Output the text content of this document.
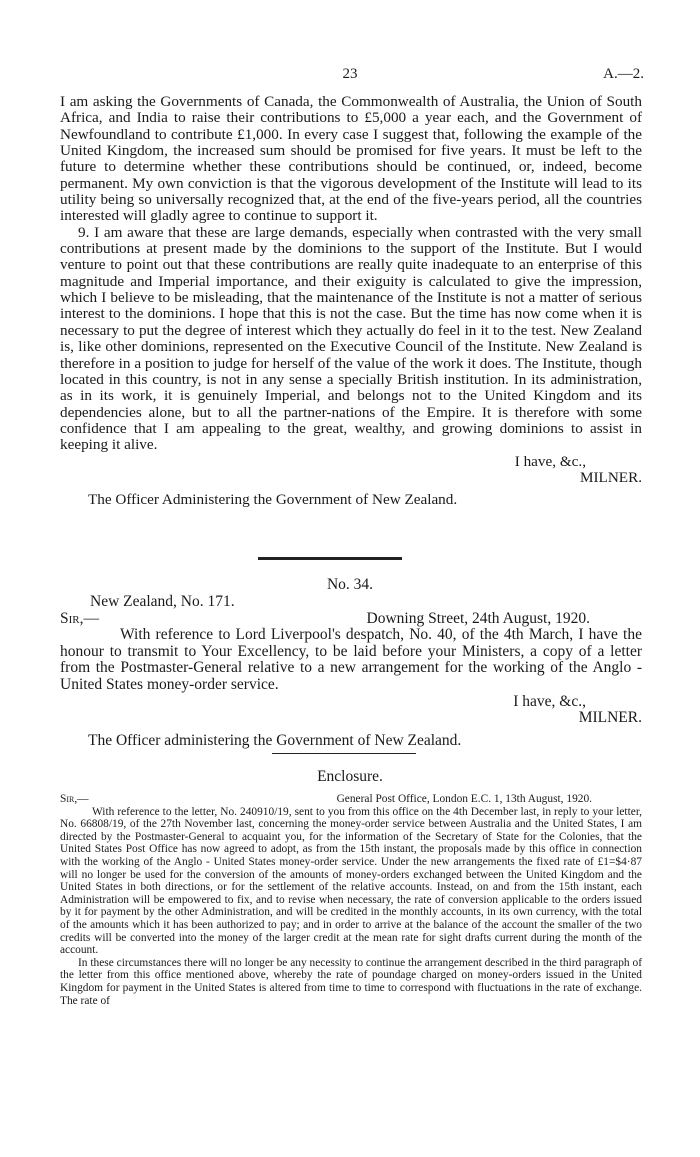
23	A.—2.

I am asking the Governments of Canada, the Commonwealth of Australia, the Union of South Africa, and India to raise their contributions to £5,000 a year each, and the Government of Newfoundland to contribute £1,000. In every case I suggest that, following the example of the United Kingdom, the increased sum should be promised for five years. It must be left to the future to determine whether these contributions should be continued, or, indeed, become permanent. My own conviction is that the vigorous development of the Institute will lead to its utility being so universally recognized that, at the end of the five-years period, all the countries interested will gladly agree to continue to support it.

9. I am aware that these are large demands, especially when contrasted with the very small contributions at present made by the dominions to the support of the Institute. But I would venture to point out that these contributions are really quite inadequate to an enterprise of this magnitude and Imperial importance, and their exiguity is calculated to give the impression, which I believe to be misleading, that the maintenance of the Institute is not a matter of serious interest to the dominions. I hope that this is not the case. But the time has now come when it is necessary to put the degree of interest which they actually do feel in it to the test. New Zealand is, like other dominions, represented on the Executive Council of the Institute. New Zealand is therefore in a position to judge for herself of the value of the work it does. The Institute, though located in this country, is not in any sense a specially British institution. In its administration, as in its work, it is genuinely Imperial, and belongs not to the United Kingdom and its dependencies alone, but to all the partner-nations of the Empire. It is therefore with some confidence that I am appealing to the great, wealthy, and growing dominions to assist in keeping it alive.

I have, &c.,

MILNER.

The Officer Administering the Government of New Zealand.

No. 34.

New Zealand, No. 171.

Sir,—	Downing Street, 24th August, 1920.

With reference to Lord Liverpool's despatch, No. 40, of the 4th March, I have the honour to transmit to Your Excellency, to be laid before your Ministers, a copy of a letter from the Postmaster-General relative to a new arrangement for the working of the Anglo - United States money-order service.

I have, &c.,

MILNER.

The Officer administering the Government of New Zealand.

Enclosure.
Sir,—	General Post Office, London E.C. 1, 13th August, 1920.

With reference to the letter, No. 240910/19, sent to you from this office on the 4th December last, in reply to your letter, No. 66808/19, of the 27th November last, concerning the money-order service between Australia and the United States, I am directed by the Postmaster-General to acquaint you, for the information of the Secretary of State for the Colonies, that the United States Post Office has now agreed to adopt, as from the 15th instant, the proposals made by this office in connection with the working of the Anglo - United States money-order service. Under the new arrangements the fixed rate of £1=$4·87 will no longer be used for the conversion of the amounts of money-orders exchanged between the United Kingdom and the United States in both directions, or for the settlement of the relative accounts. Instead, on and from the 15th instant, each Administration will be empowered to fix, and to revise when necessary, the rate of conversion applicable to the orders issued by it for payment by the other Administration, and will be credited in the monthly accounts, in its own currency, with the total of the amounts which it has been authorized to pay; and in order to arrive at the balance of the account the smaller of the two credits will be converted into the money of the larger credit at the mean rate for sight drafts current during the month of the account.

In these circumstances there will no longer be any necessity to continue the arrangement described in the third paragraph of the letter from this office mentioned above, whereby the rate of poundage charged on money-orders issued in the United Kingdom for payment in the United States is altered from time to time to correspond with fluctuations in the rate of exchange. The rate of
